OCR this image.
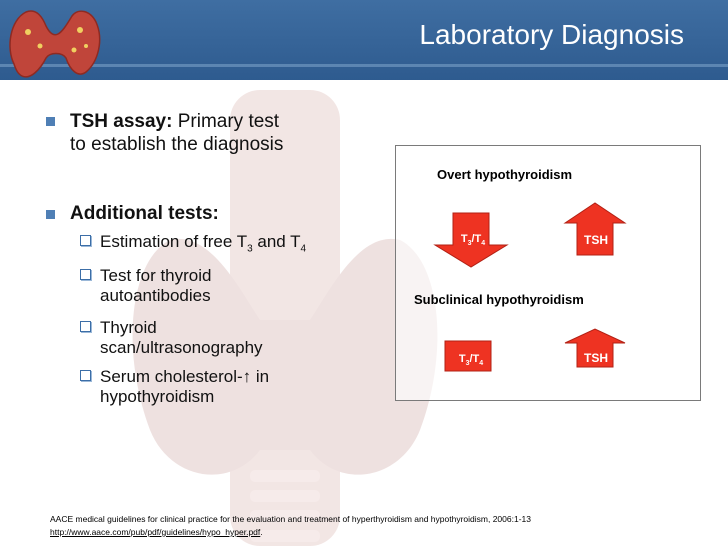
Laboratory Diagnosis
TSH assay: Primary test
to establish the diagnosis
Additional tests:
Estimation of free $T_3$ and $T_4$
Test for thyroid
autoantibodies
Thyroid
scan/ultrasonography
Serum cholesterol-↑ in
hypothyroidism
Overt hypothyroidism
Subclinical hypothyroidism
$T_3/T_4$	TSH
$T_3/T_4$	TSH
AACE medical guidelines for clinical practice for the evaluation and treatment of hyperthyroidism and hypothyroidism, 2006:1-13
http://www.aace.com/pub/pdf/guidelines/hypo_hyper.pdf.
